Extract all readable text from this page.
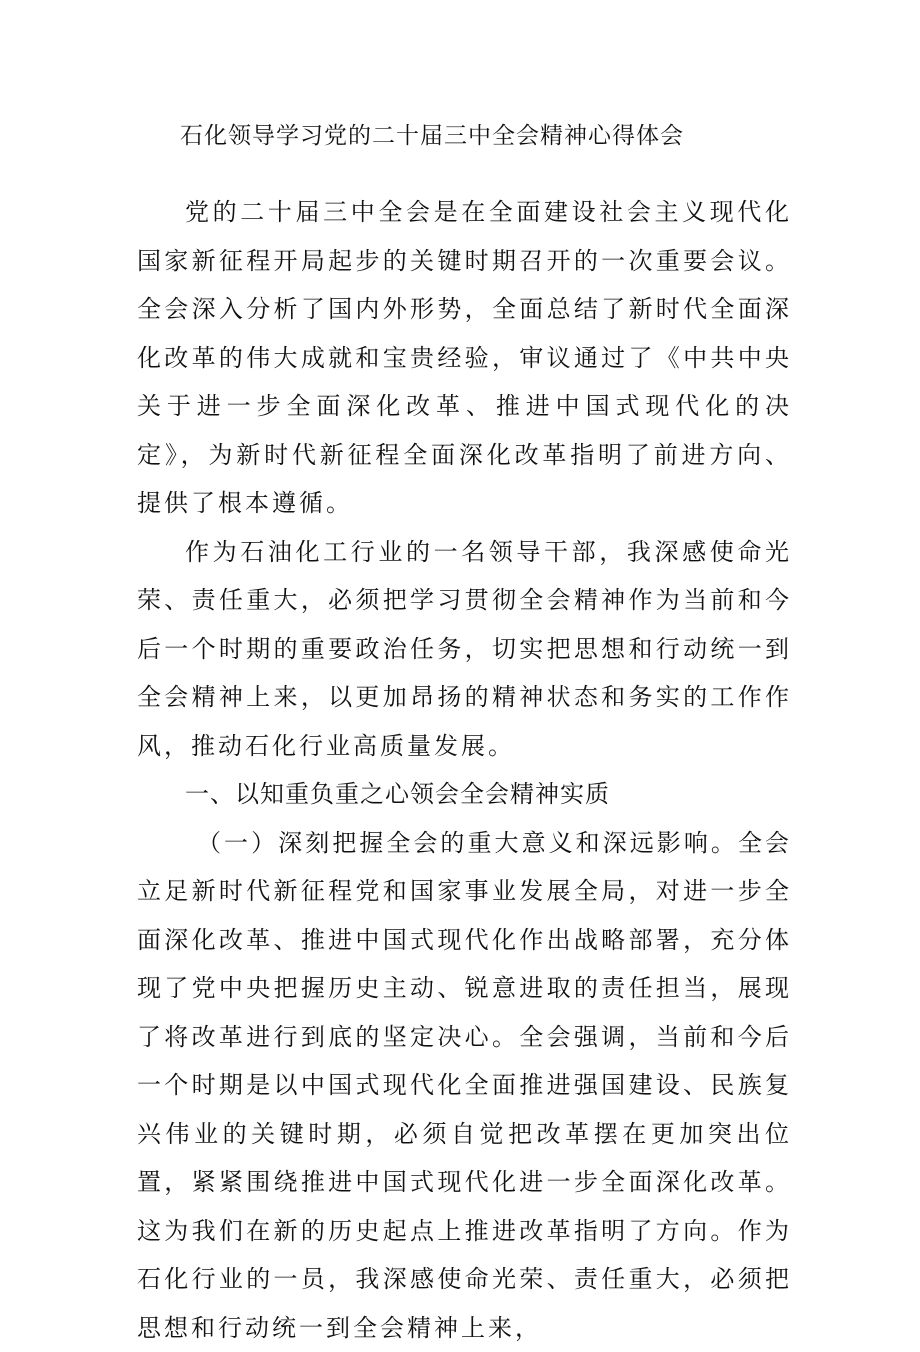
石化领导学习党的二十届三中全会精神心得体会

党的二十届三中全会是在全面建设社会主义现代化国家新征程开局起步的关键时期召开的一次重要会议。全会深入分析了国内外形势，全面总结了新时代全面深化改革的伟大成就和宝贵经验，审议通过了《中共中央关于进一步全面深化改革、推进中国式现代化的决定》，为新时代新征程全面深化改革指明了前进方向、提供了根本遵循。

作为石油化工行业的一名领导干部，我深感使命光荣、责任重大，必须把学习贯彻全会精神作为当前和今后一个时期的重要政治任务，切实把思想和行动统一到全会精神上来，以更加昂扬的精神状态和务实的工作作风，推动石化行业高质量发展。

一、以知重负重之心领会全会精神实质

（一）深刻把握全会的重大意义和深远影响。全会立足新时代新征程党和国家事业发展全局，对进一步全面深化改革、推进中国式现代化作出战略部署，充分体现了党中央把握历史主动、锐意进取的责任担当，展现了将改革进行到底的坚定决心。全会强调，当前和今后一个时期是以中国式现代化全面推进强国建设、民族复兴伟业的关键时期，必须自觉把改革摆在更加突出位置，紧紧围绕推进中国式现代化进一步全面深化改革。这为我们在新的历史起点上推进改革指明了方向。作为石化行业的一员，我深感使命光荣、责任重大，必须把思想和行动统一到全会精神上来，
